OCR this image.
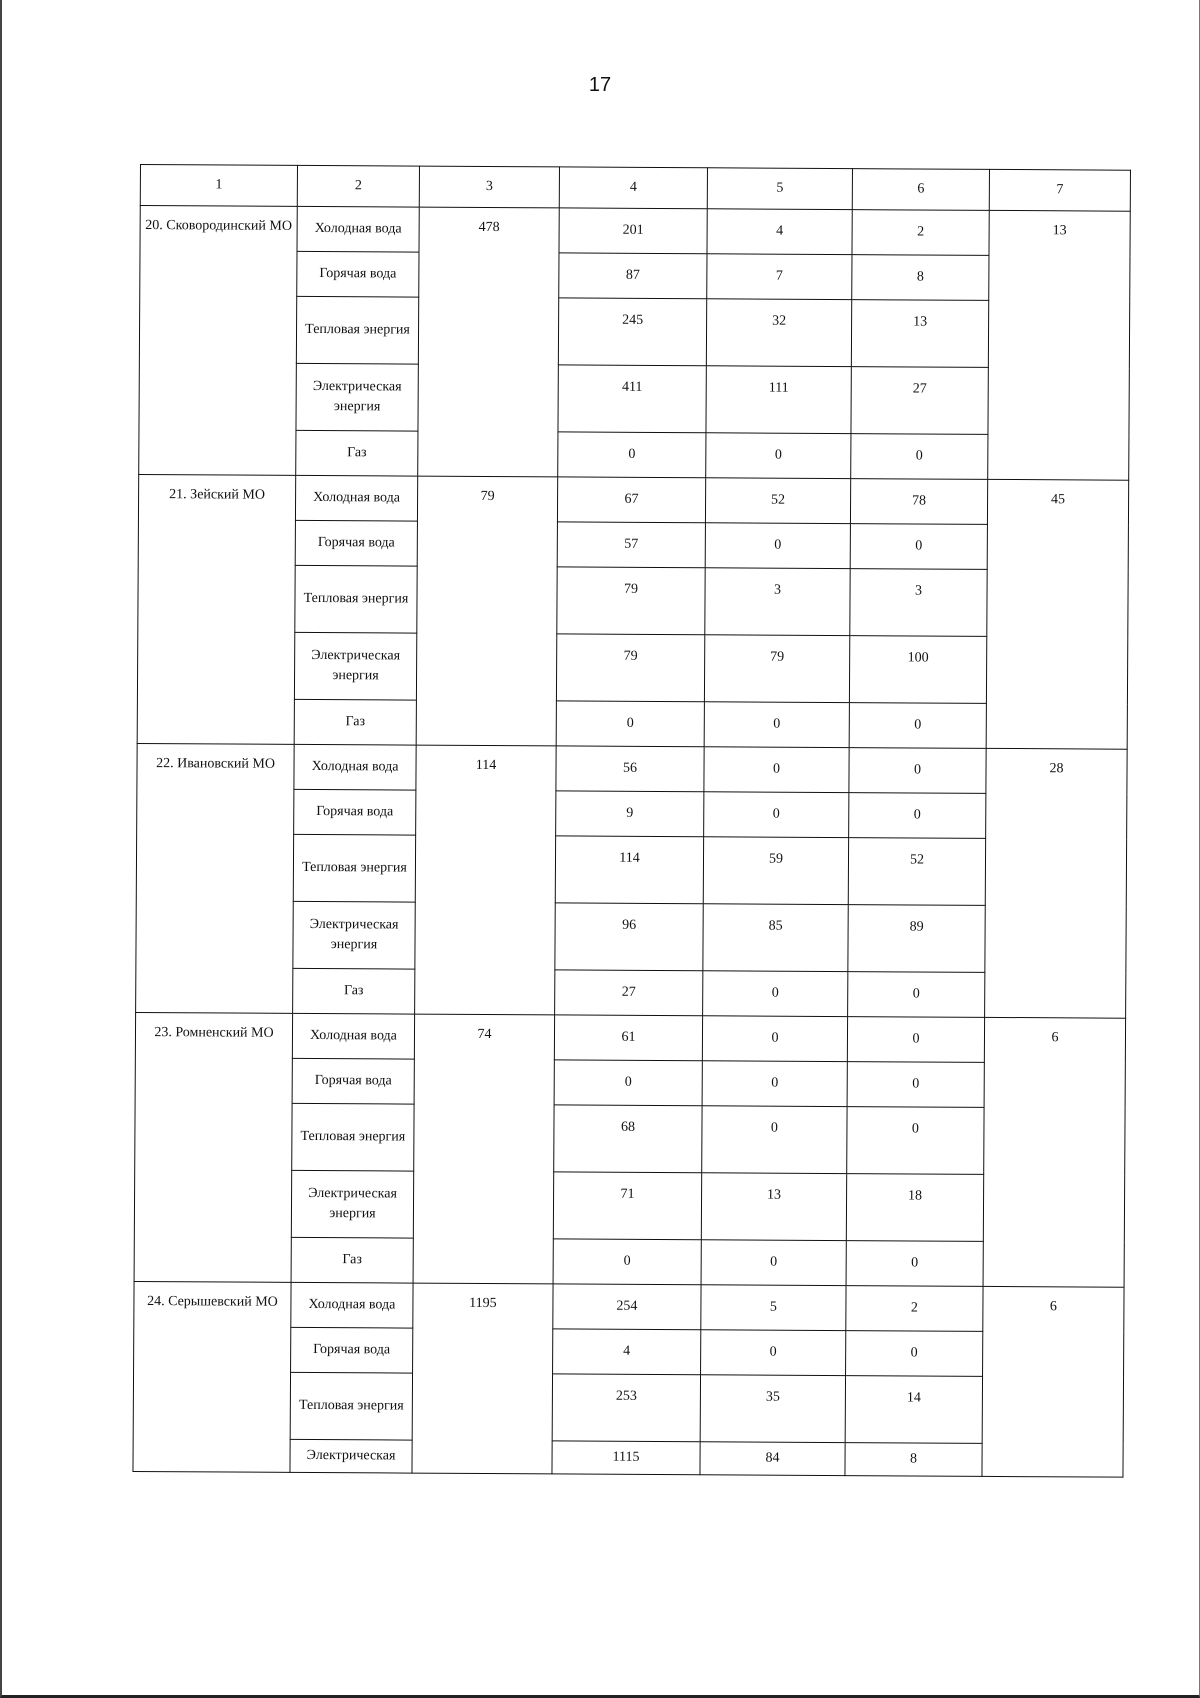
17
1	2	3	4	5	6	7
20. Сковородинский МО	Холодная вода	478	201	4	2	13
	Горячая вода		87	7	8	
	Тепловая энергия		245	32	13	
	Электрическая энергия		411	111	27	
	Газ		0	0	0	
21. Зейский МО	Холодная вода	79	67	52	78	45
	Горячая вода		57	0	0	
	Тепловая энергия		79	3	3	
	Электрическая энергия		79	79	100	
	Газ		0	0	0	
22. Ивановский МО	Холодная вода	114	56	0	0	28
	Горячая вода		9	0	0	
	Тепловая энергия		114	59	52	
	Электрическая энергия		96	85	89	
	Газ		27	0	0	
23. Ромненский МО	Холодная вода	74	61	0	0	6
	Горячая вода		0	0	0	
	Тепловая энергия		68	0	0	
	Электрическая энергия		71	13	18	
	Газ		0	0	0	
24. Серышевский МО	Холодная вода	1195	254	5	2	6
	Горячая вода		4	0	0	
	Тепловая энергия		253	35	14	
	Электрическая		1115	84	8	
